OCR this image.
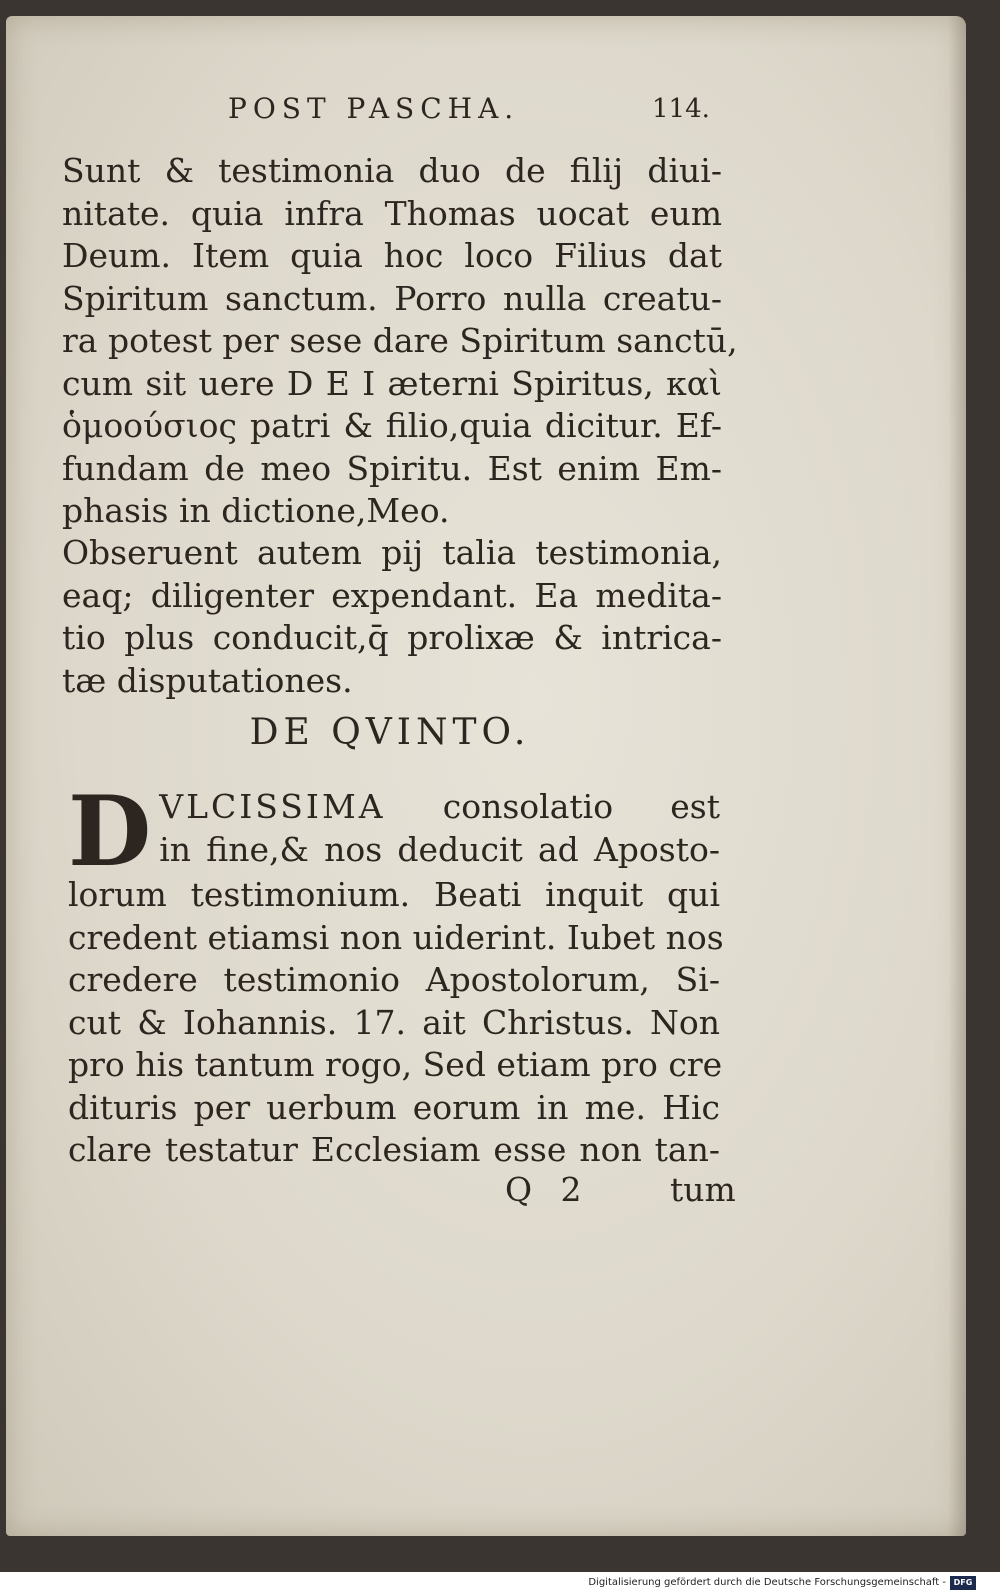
POST PASCHA.	114.
Sunt & testimonia duo de filij diui-
nitate. quia infra Thomas uocat eum
Deum. Item quia hoc loco Filius dat
Spiritum sanctum. Porro nulla creatu-
ra potest per sese dare Spiritum sanctū,
cum sit uere D E I æterni Spiritus, καὶ
ὁμοούσιος patri & filio,quia dicitur. Ef-
fundam de meo Spiritu. Est enim Em-
phasis in dictione,Meo.
Obseruent autem pij talia testimonia,
eaq; diligenter expendant. Ea medita-
tio plus conducit,q̄ prolixæ & intrica-
tæ disputationes.
DE QVINTO.
D VLCISSIMA consolatio est
in fine,& nos deducit ad Aposto-
lorum testimonium. Beati inquit qui
credent etiamsi non uiderint. Iubet nos
credere testimonio Apostolorum, Si-
cut & Iohannis. 17. ait Christus. Non
pro his tantum rogo, Sed etiam pro cre
dituris per uerbum eorum in me. Hic
clare testatur Ecclesiam esse non tan-
Q 2	tum
Digitalisierung gefördert durch die Deutsche Forschungsgemeinschaft - DFG
